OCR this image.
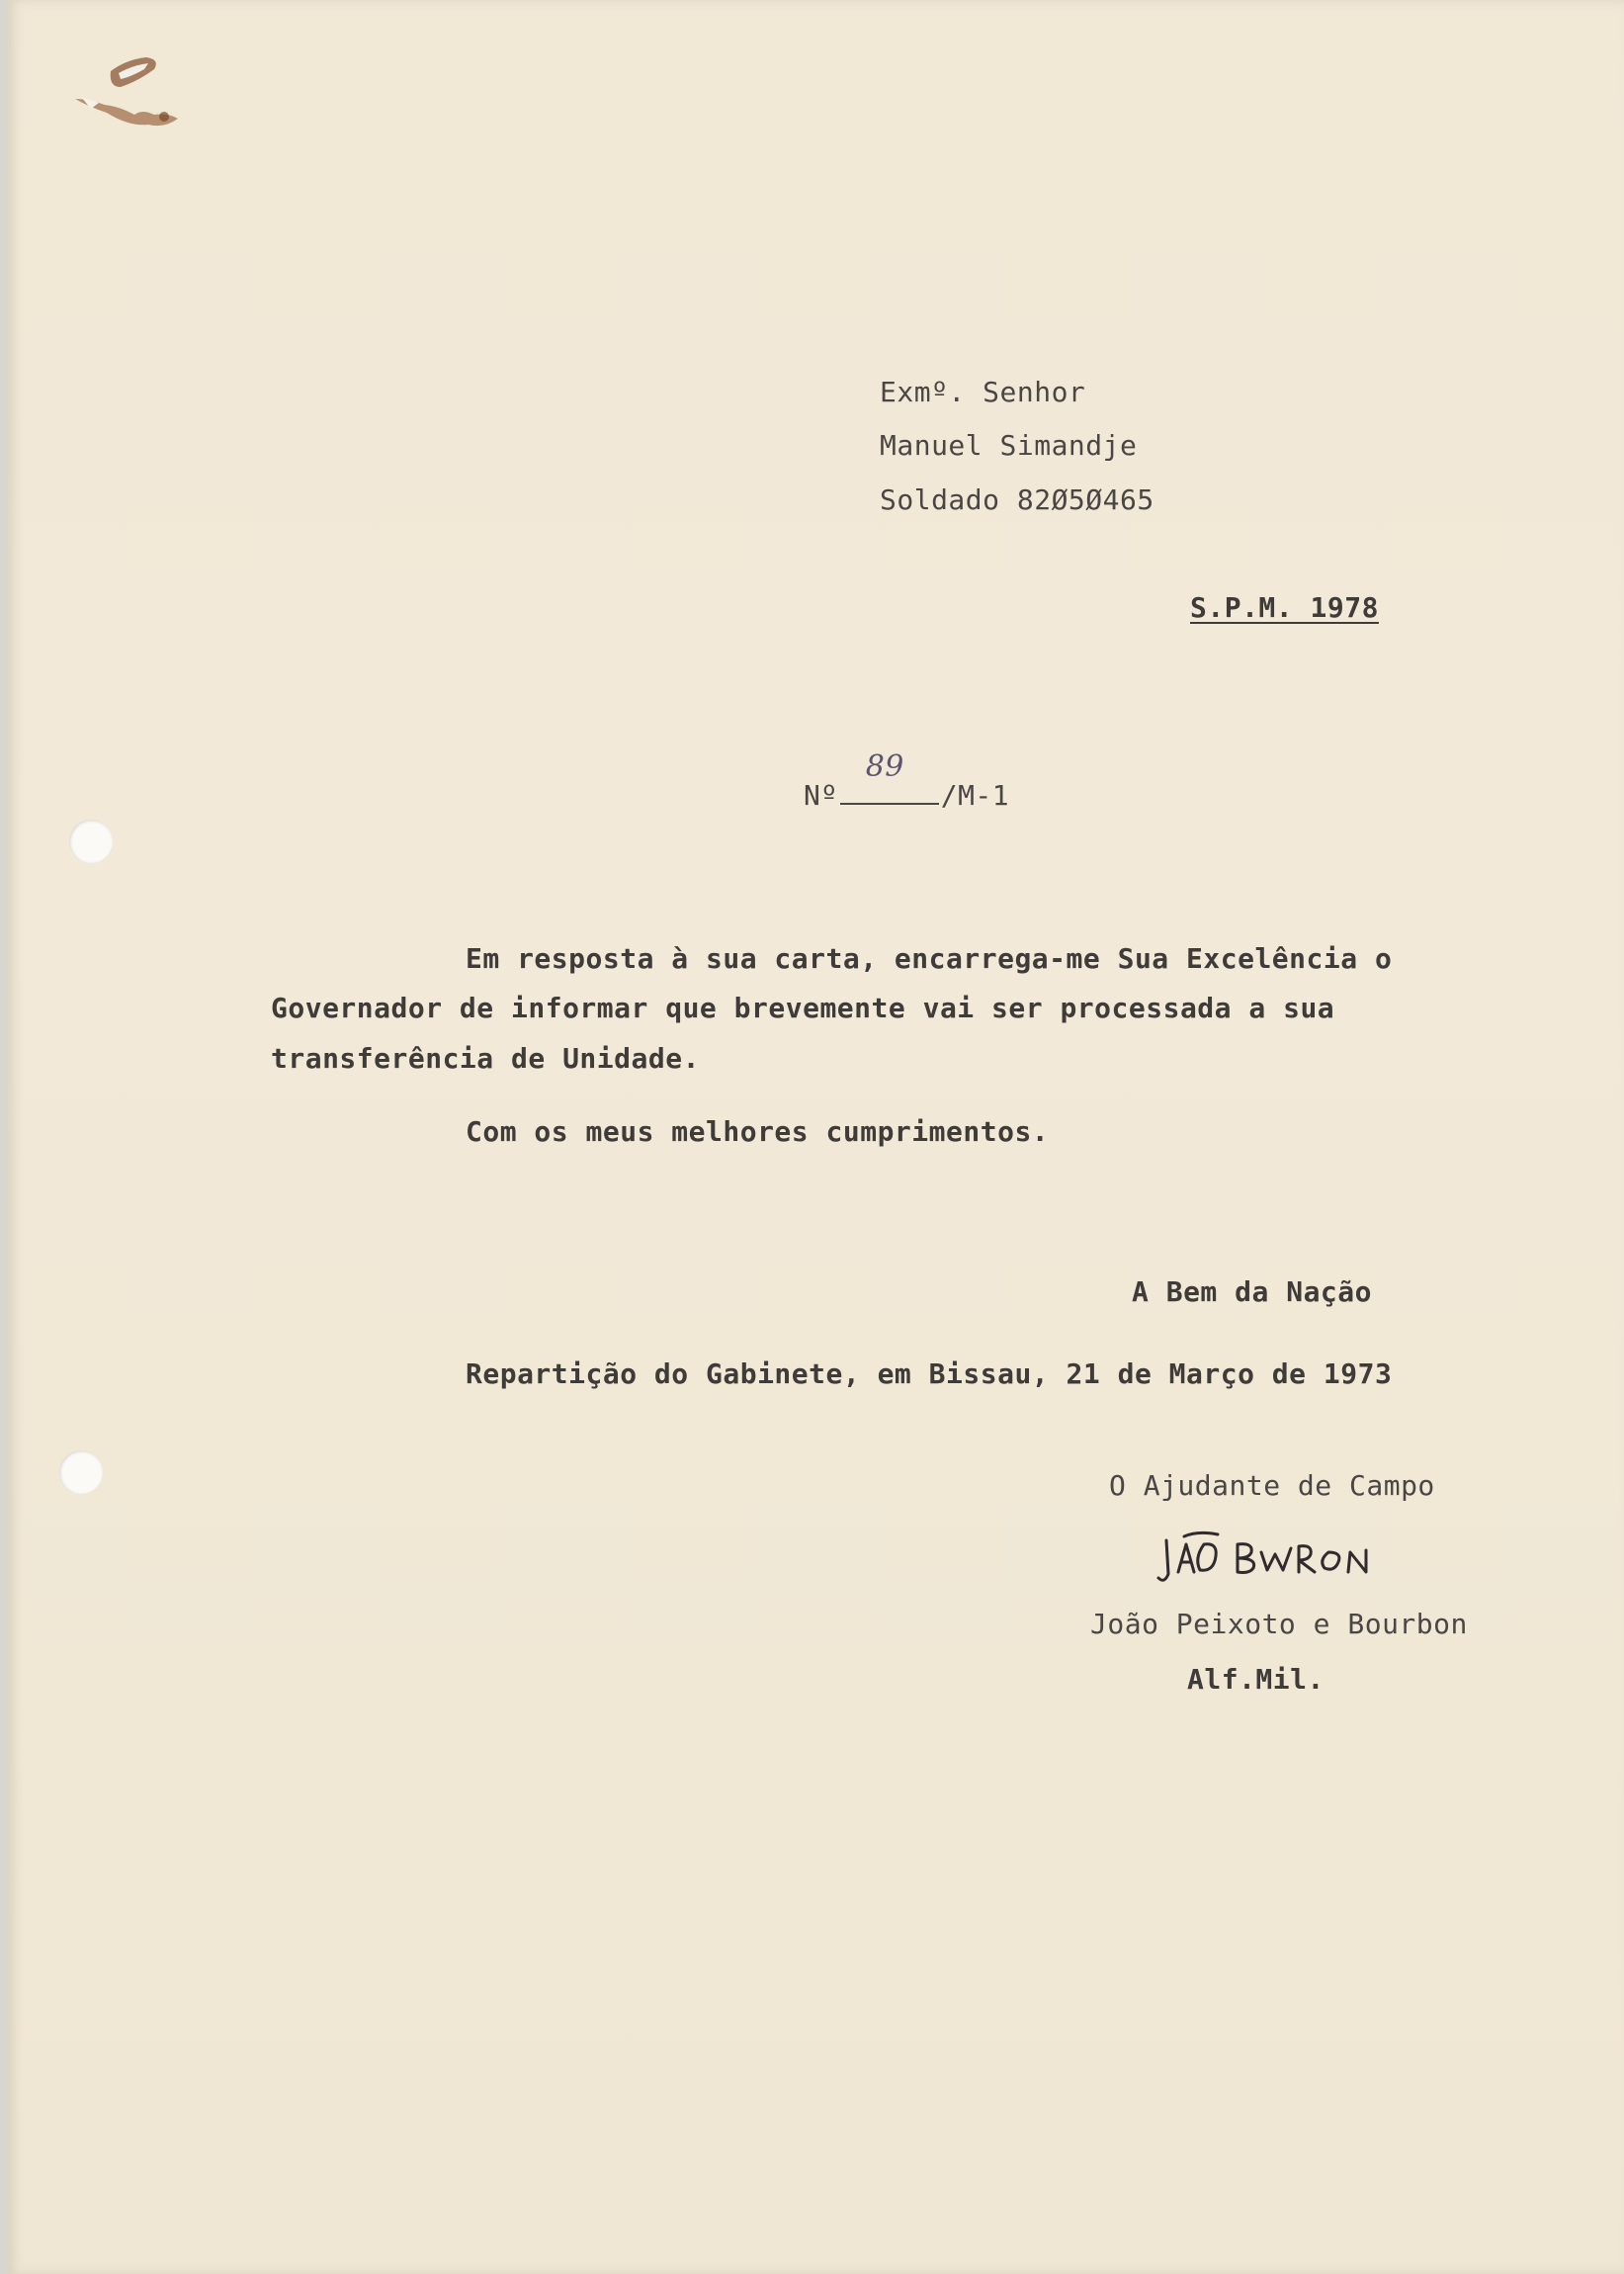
Exmº. Senhor
Manuel Simandje
Soldado 82Ø5Ø465
S.P.M. 1978
Nº
89
/M-1
Em resposta à sua carta, encarrega-me Sua Excelência o
Governador de informar que brevemente vai ser processada a sua
transferência de Unidade.
Com os meus melhores cumprimentos.
A Bem da Nação
Repartição do Gabinete, em Bissau, 21 de Março de 1973
O Ajudante de Campo
João Peixoto e Bourbon
Alf.Mil.
